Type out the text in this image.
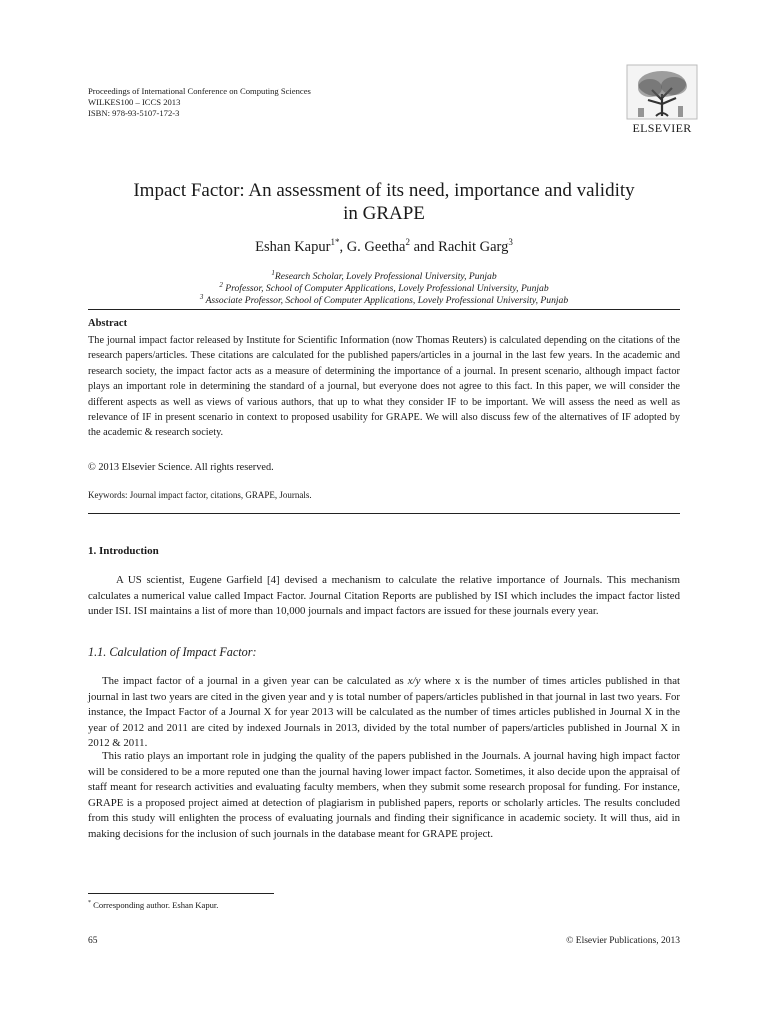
Proceedings of International Conference on Computing Sciences
WILKES100 – ICCS 2013
ISBN: 978-93-5107-172-3
ELSEVIER
Impact Factor: An assessment of its need, importance and validity
in GRAPE
Eshan Kapur$^{1*}$, G. Geetha$^2$ and Rachit Garg$^3$
$^1$Research Scholar, Lovely Professional University, Punjab
$^2$ Professor, School of Computer Applications, Lovely Professional University, Punjab
$^3$ Associate Professor, School of Computer Applications, Lovely Professional University, Punjab
Abstract
The journal impact factor released by Institute for Scientific Information (now Thomas Reuters) is calculated depending on the citations of the research papers/articles. These citations are calculated for the published papers/articles in a journal in the last few years. In the academic and research society, the impact factor acts as a measure of determining the importance of a journal. In present scenario, although impact factor plays an important role in determining the standard of a journal, but everyone does not agree to this fact. In this paper, we will consider the different aspects as well as views of various authors, that up to what they consider IF to be important. We will assess the need as well as relevance of IF in present scenario in context to proposed usability for GRAPE. We will also discuss few of the alternatives of IF adopted by the academic & research society.
© 2013 Elsevier Science. All rights reserved.
Keywords: Journal impact factor, citations, GRAPE, Journals.
1. Introduction
A US scientist, Eugene Garfield [4] devised a mechanism to calculate the relative importance of Journals. This mechanism calculates a numerical value called Impact Factor. Journal Citation Reports are published by ISI which includes the impact factor listed under ISI. ISI maintains a list of more than 10,000 journals and impact factors are issued for these journals every year.
1.1. Calculation of Impact Factor:
The impact factor of a journal in a given year can be calculated as x/y where x is the number of times articles published in that journal in last two years are cited in the given year and y is total number of papers/articles published in that journal in last two years. For instance, the Impact Factor of a Journal X for year 2013 will be calculated as the number of times articles published in Journal X in the year of 2012 and 2011 are cited by indexed Journals in 2013, divided by the total number of papers/articles published in Journal X in 2012 & 2011.
This ratio plays an important role in judging the quality of the papers published in the Journals. A journal having high impact factor will be considered to be a more reputed one than the journal having lower impact factor. Sometimes, it also decide upon the appraisal of staff meant for research activities and evaluating faculty members, when they submit some research proposal for funding. For instance, GRAPE is a proposed project aimed at detection of plagiarism in published papers, reports or scholarly articles. The results concluded from this study will enlighten the process of evaluating journals and finding their significance in academic society. It will thus, aid in making decisions for the inclusion of such journals in the database meant for GRAPE project.
* Corresponding author. Eshan Kapur.
65	© Elsevier Publications, 2013
